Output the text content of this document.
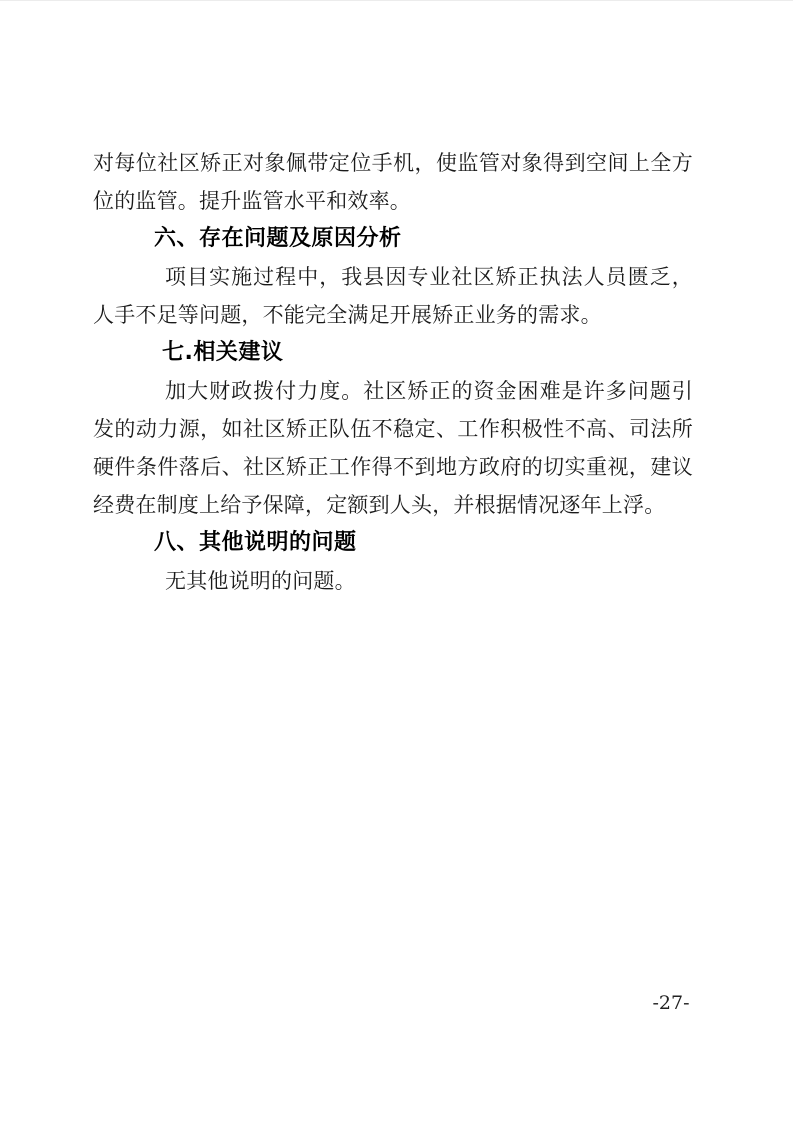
对每位社区矫正对象佩带定位手机，使监管对象得到空间上全方位的监管。提升监管水平和效率。

六、存在问题及原因分析

项目实施过程中，我县因专业社区矫正执法人员匮乏，人手不足等问题，不能完全满足开展矫正业务的需求。

七.相关建议

加大财政拨付力度。社区矫正的资金困难是许多问题引发的动力源，如社区矫正队伍不稳定、工作积极性不高、司法所硬件条件落后、社区矫正工作得不到地方政府的切实重视，建议经费在制度上给予保障，定额到人头，并根据情况逐年上浮。

八、其他说明的问题

无其他说明的问题。

-27-
